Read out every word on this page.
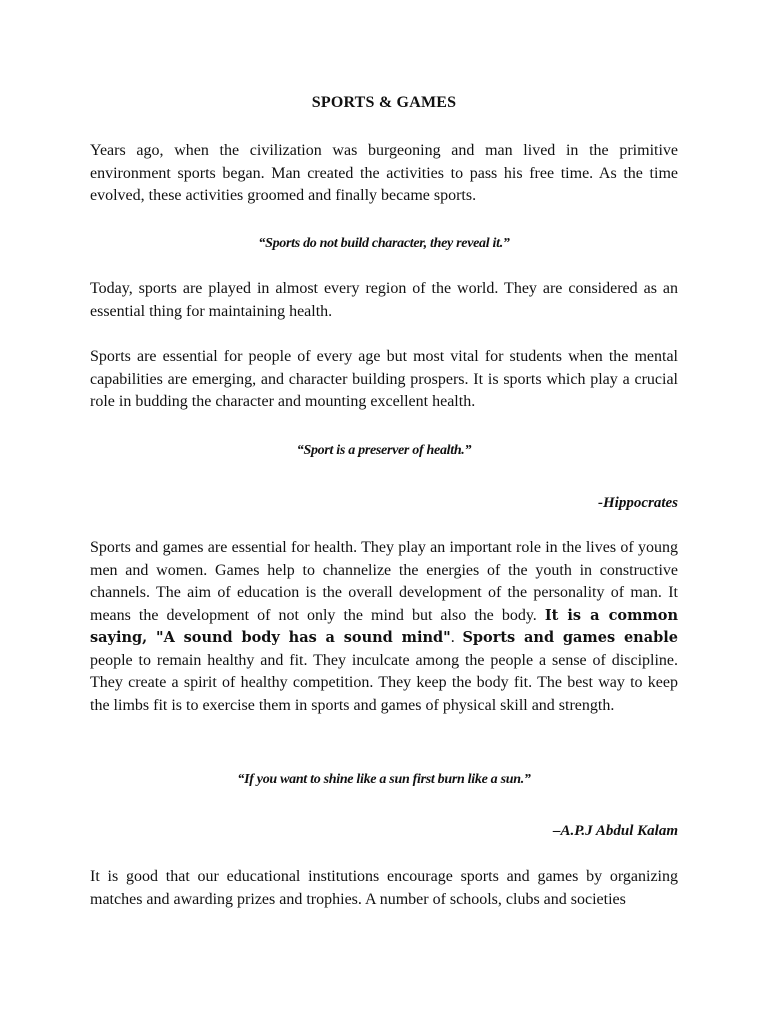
SPORTS & GAMES

Years ago, when the civilization was burgeoning and man lived in the primitive environment sports began. Man created the activities to pass his free time. As the time evolved, these activities groomed and finally became sports.

“Sports do not build character, they reveal it.”

Today, sports are played in almost every region of the world. They are considered as an essential thing for maintaining health.

Sports are essential for people of every age but most vital for students when the mental capabilities are emerging, and character building prospers. It is sports which play a crucial role in budding the character and mounting excellent health.

“Sport is a preserver of health.”
-Hippocrates

Sports and games are essential for health. They play an important role in the lives of young men and women. Games help to channelize the energies of the youth in constructive channels. The aim of education is the overall development of the personality of man. It means the development of not only the mind but also the body. It is a common saying, "A sound body has a sound mind". Sports and games enable people to remain healthy and fit. They inculcate among the people a sense of discipline. They create a spirit of healthy competition. They keep the body fit. The best way to keep the limbs fit is to exercise them in sports and games of physical skill and strength.

“If you want to shine like a sun first burn like a sun.”
–A.P.J Abdul Kalam

It is good that our educational institutions encourage sports and games by organizing matches and awarding prizes and trophies. A number of schools, clubs and societies
